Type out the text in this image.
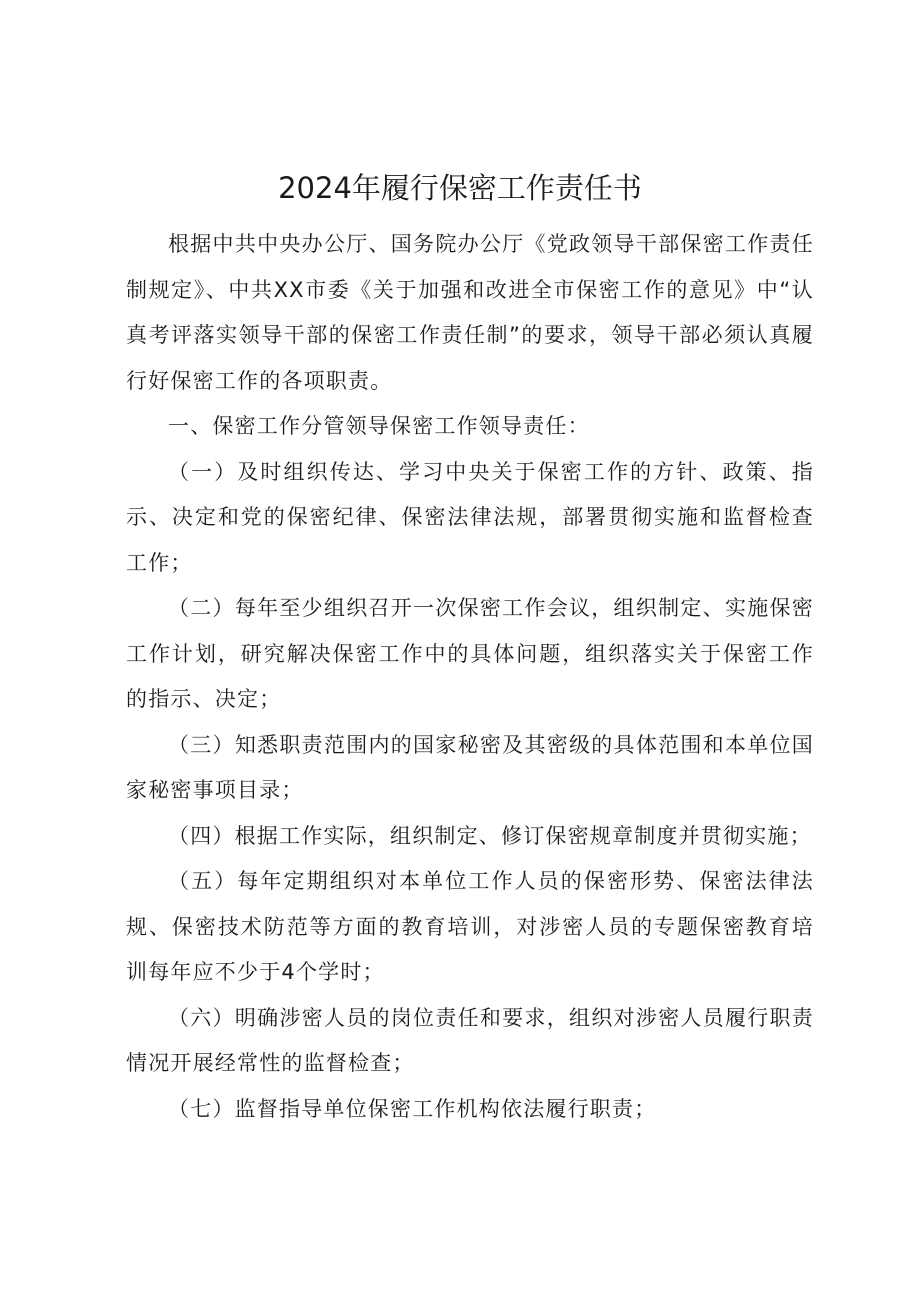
2024年履行保密工作责任书

根据中共中央办公厅、国务院办公厅《党政领导干部保密工作责任制规定》、中共XX市委《关于加强和改进全市保密工作的意见》中“认真考评落实领导干部的保密工作责任制”的要求，领导干部必须认真履行好保密工作的各项职责。

一、保密工作分管领导保密工作领导责任：

（一）及时组织传达、学习中央关于保密工作的方针、政策、指示、决定和党的保密纪律、保密法律法规，部署贯彻实施和监督检查工作；

（二）每年至少组织召开一次保密工作会议，组织制定、实施保密工作计划，研究解决保密工作中的具体问题，组织落实关于保密工作的指示、决定；

（三）知悉职责范围内的国家秘密及其密级的具体范围和本单位国家秘密事项目录；

（四）根据工作实际，组织制定、修订保密规章制度并贯彻实施；

（五）每年定期组织对本单位工作人员的保密形势、保密法律法规、保密技术防范等方面的教育培训，对涉密人员的专题保密教育培训每年应不少于4个学时；

（六）明确涉密人员的岗位责任和要求，组织对涉密人员履行职责情况开展经常性的监督检查；

（七）监督指导单位保密工作机构依法履行职责；
